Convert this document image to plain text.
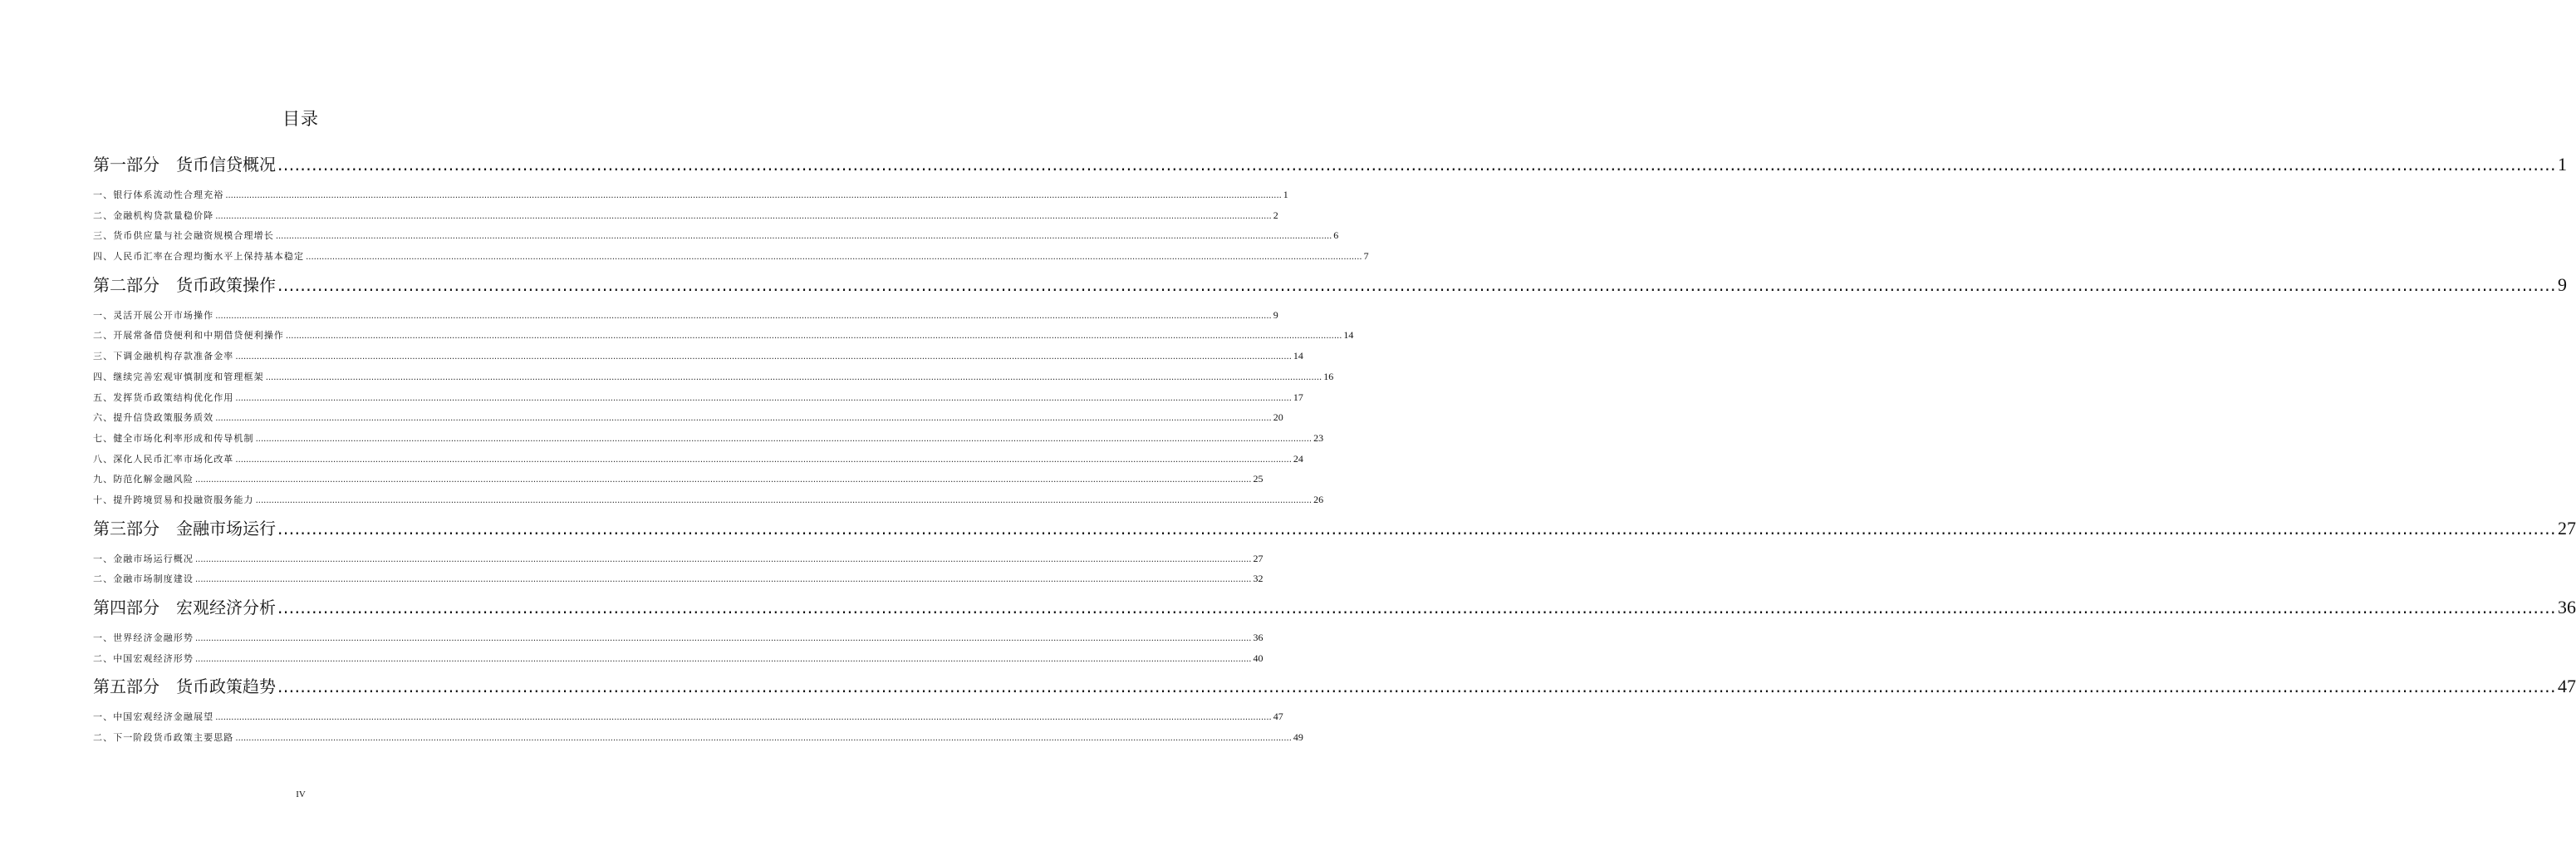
目录
第一部分 货币信贷概况 ................................................................................................................................................................................................................................................................................................................................................................................................................ 1
一、银行体系流动性合理充裕 ................................................................................................................................................................................................................................................................................................................................................................................................................ 1
二、金融机构贷款量稳价降 ................................................................................................................................................................................................................................................................................................................................................................................................................ 2
三、货币供应量与社会融资规模合理增长 ................................................................................................................................................................................................................................................................................................................................................................................................................ 6
四、人民币汇率在合理均衡水平上保持基本稳定 ................................................................................................................................................................................................................................................................................................................................................................................................................ 7
第二部分 货币政策操作 ................................................................................................................................................................................................................................................................................................................................................................................................................ 9
一、灵活开展公开市场操作 ................................................................................................................................................................................................................................................................................................................................................................................................................ 9
二、开展常备借贷便利和中期借贷便利操作 ................................................................................................................................................................................................................................................................................................................................................................................................................ 14
三、下调金融机构存款准备金率 ................................................................................................................................................................................................................................................................................................................................................................................................................ 14
四、继续完善宏观审慎制度和管理框架 ................................................................................................................................................................................................................................................................................................................................................................................................................ 16
五、发挥货币政策结构优化作用 ................................................................................................................................................................................................................................................................................................................................................................................................................ 17
六、提升信贷政策服务质效 ................................................................................................................................................................................................................................................................................................................................................................................................................ 20
七、健全市场化利率形成和传导机制 ................................................................................................................................................................................................................................................................................................................................................................................................................ 23
八、深化人民币汇率市场化改革 ................................................................................................................................................................................................................................................................................................................................................................................................................ 24
九、防范化解金融风险 ................................................................................................................................................................................................................................................................................................................................................................................................................ 25
十、提升跨境贸易和投融资服务能力 ................................................................................................................................................................................................................................................................................................................................................................................................................ 26
第三部分 金融市场运行 ................................................................................................................................................................................................................................................................................................................................................................................................................ 27
一、金融市场运行概况 ................................................................................................................................................................................................................................................................................................................................................................................................................ 27
二、金融市场制度建设 ................................................................................................................................................................................................................................................................................................................................................................................................................ 32
第四部分 宏观经济分析 ................................................................................................................................................................................................................................................................................................................................................................................................................ 36
一、世界经济金融形势 ................................................................................................................................................................................................................................................................................................................................................................................................................ 36
二、中国宏观经济形势 ................................................................................................................................................................................................................................................................................................................................................................................................................ 40
第五部分 货币政策趋势 ................................................................................................................................................................................................................................................................................................................................................................................................................ 47
一、中国宏观经济金融展望 ................................................................................................................................................................................................................................................................................................................................................................................................................ 47
二、下一阶段货币政策主要思路 ................................................................................................................................................................................................................................................................................................................................................................................................................ 49
IV
